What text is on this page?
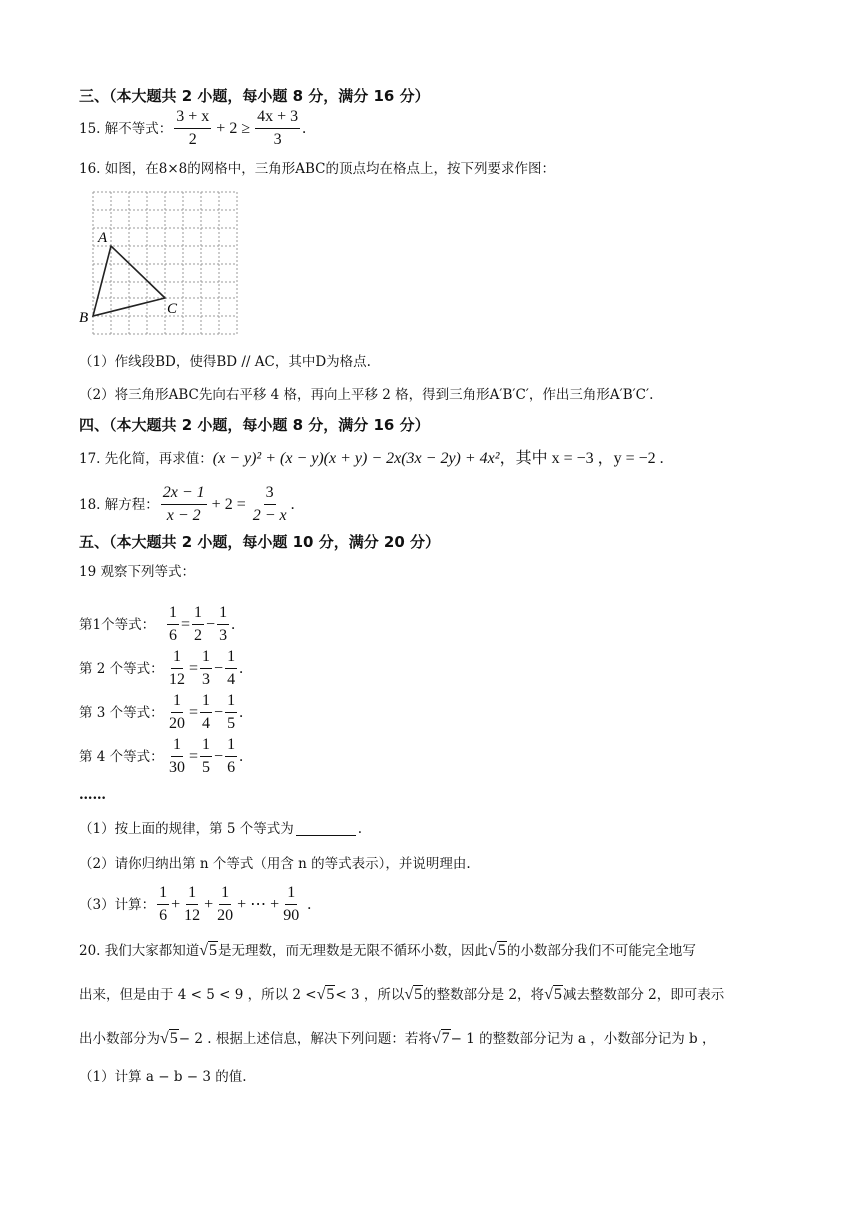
三、（本大题共 2 小题，每小题 8 分，满分 16 分）
15. 解不等式： $\frac{3 + x}{2} + 2 \ge \frac{4x + 3}{3}$ .
16. 如图，在8×8的网格中，三角形ABC的顶点均在格点上，按下列要求作图：
A
B
C
（1）作线段BD，使得BD // AC，其中D为格点.
（2）将三角形ABC先向右平移 4 格，再向上平移 2 格，得到三角形A′B′C′，作出三角形A′B′C′.
四、（本大题共 2 小题，每小题 8 分，满分 16 分）
17. 先化简，再求值： (x − y)² + (x − y)(x + y) − 2x(3x − 2y) + 4x² ，其中 x = −3 ，y = −2 .
18. 解方程： $\frac{2x - 1}{x - 2} + 2 = \frac{3}{2 - x}$ .
五、（本大题共 2 小题，每小题 10 分，满分 20 分）
19 观察下列等式：
第1个等式： $\frac{1}{6} = \frac{1}{2} - \frac{1}{3}$ .
第 2 个等式： $\frac{1}{12} = \frac{1}{3} - \frac{1}{4}$ .
第 3 个等式： $\frac{1}{20} = \frac{1}{4} - \frac{1}{5}$ .
第 4 个等式： $\frac{1}{30} = \frac{1}{5} - \frac{1}{6}$ .
……
（1）按上面的规律，第 5 个等式为	.
（2）请你归纳出第 n 个等式（用含 n 的等式表示），并说明理由.
（3）计算： $\frac{1}{6} + \frac{1}{12} + \frac{1}{20}$ + ⋯ + $\frac{1}{90}$ .
20. 我们大家都知道 √5 是无理数，而无理数是无限不循环小数，因此 √5 的小数部分我们不可能完全地写
出来，但是由于 4 < 5 < 9 ，所以 2 < √5 < 3 ，所以 √5 的整数部分是 2，将 √5 减去整数部分 2，即可表示
出小数部分为 √5 − 2 . 根据上述信息，解决下列问题：若将 √7 − 1 的整数部分记为 a ，小数部分记为 b ，
（1）计算 a − b − 3 的值.
